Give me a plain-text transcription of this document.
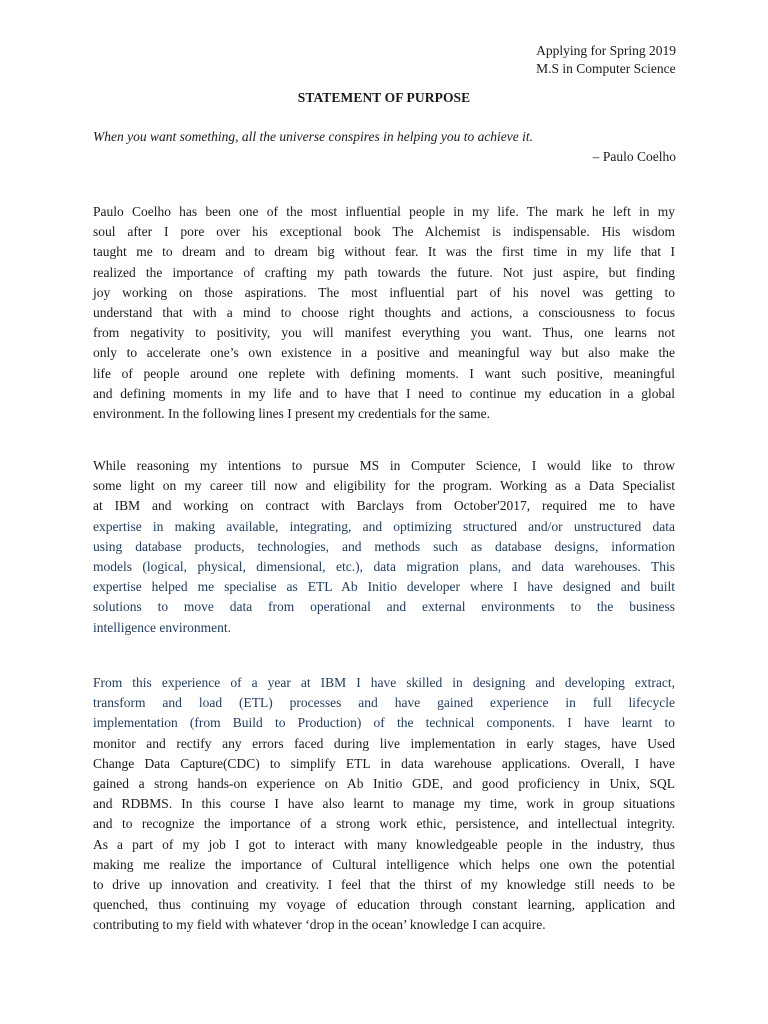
Applying for Spring 2019
M.S in Computer Science
STATEMENT OF PURPOSE
When you want something, all the universe conspires in helping you to achieve it.
– Paulo Coelho
Paulo Coelho has been one of the most influential people in my life. The mark he left in my
soul after I pore over his exceptional book The Alchemist is indispensable. His wisdom
taught me to dream and to dream big without fear. It was the first time in my life that I
realized the importance of crafting my path towards the future. Not just aspire, but finding
joy working on those aspirations. The most influential part of his novel was getting to
understand that with a mind to choose right thoughts and actions, a consciousness to focus
from negativity to positivity, you will manifest everything you want. Thus, one learns not
only to accelerate one’s own existence in a positive and meaningful way but also make the
life of people around one replete with defining moments. I want such positive, meaningful
and defining moments in my life and to have that I need to continue my education in a global
environment. In the following lines I present my credentials for the same.
While reasoning my intentions to pursue MS in Computer Science, I would like to throw
some light on my career till now and eligibility for the program. Working as a Data Specialist
at IBM and working on contract with Barclays from October'2017, required me to have
expertise in making available, integrating, and optimizing structured and/or unstructured data
using database products, technologies, and methods such as database designs, information
models (logical, physical, dimensional, etc.), data migration plans, and data warehouses. This
expertise helped me specialise as ETL Ab Initio developer where I have designed and built
solutions to move data from operational and external environments to the business
intelligence environment.
From this experience of a year at IBM I have skilled in designing and developing extract,
transform and load (ETL) processes and have gained experience in full lifecycle
implementation (from Build to Production) of the technical components. I have learnt to
monitor and rectify any errors faced during live implementation in early stages, have Used
Change Data Capture(CDC) to simplify ETL in data warehouse applications. Overall, I have
gained a strong hands-on experience on Ab Initio GDE, and good proficiency in Unix, SQL
and RDBMS. In this course I have also learnt to manage my time, work in group situations
and to recognize the importance of a strong work ethic, persistence, and intellectual integrity.
As a part of my job I got to interact with many knowledgeable people in the industry, thus
making me realize the importance of Cultural intelligence which helps one own the potential
to drive up innovation and creativity. I feel that the thirst of my knowledge still needs to be
quenched, thus continuing my voyage of education through constant learning, application and
contributing to my field with whatever ‘drop in the ocean’ knowledge I can acquire.
